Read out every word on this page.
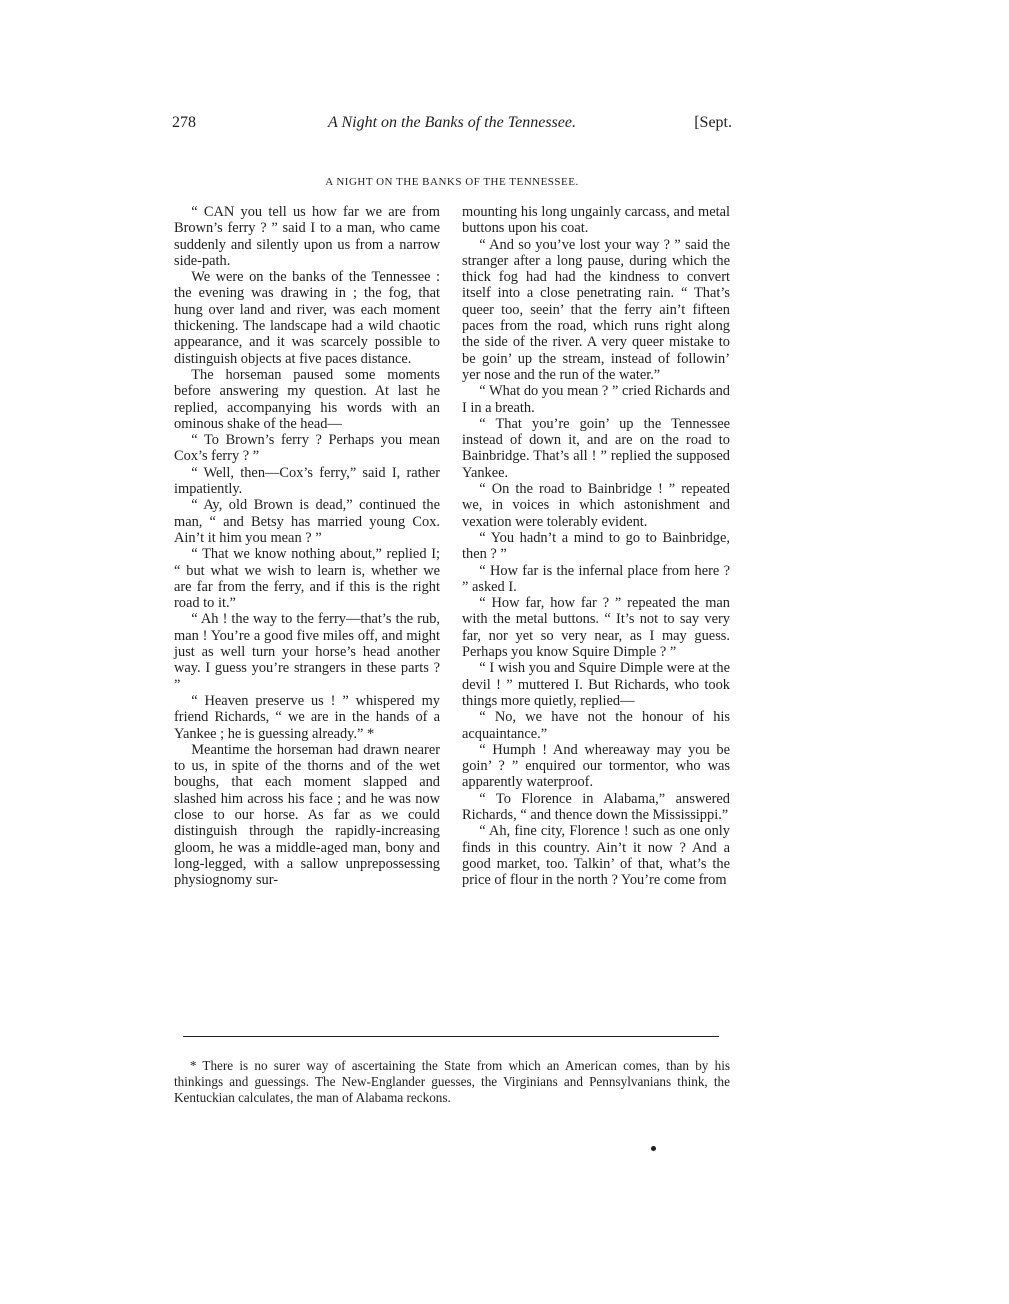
278	A Night on the Banks of the Tennessee.	[Sept.
A NIGHT ON THE BANKS OF THE TENNESSEE.

“ CAN you tell us how far we are from Brown’s ferry ? ” said I to a man, who came suddenly and silently upon us from a narrow side-path.

We were on the banks of the Tennessee : the evening was drawing in ; the fog, that hung over land and river, was each moment thickening. The landscape had a wild chaotic appearance, and it was scarcely possible to distinguish objects at five paces distance.

The horseman paused some moments before answering my question. At last he replied, accompanying his words with an ominous shake of the head—

“ To Brown’s ferry ? Perhaps you mean Cox’s ferry ? ”

“ Well, then—Cox’s ferry,” said I, rather impatiently.

“ Ay, old Brown is dead,” continued the man, “ and Betsy has married young Cox. Ain’t it him you mean ? ”

“ That we know nothing about,” replied I; “ but what we wish to learn is, whether we are far from the ferry, and if this is the right road to it.”

“ Ah ! the way to the ferry—that’s the rub, man ! You’re a good five miles off, and might just as well turn your horse’s head another way. I guess you’re strangers in these parts ? ”

“ Heaven preserve us ! ” whispered my friend Richards, “ we are in the hands of a Yankee ; he is guessing already.” *

Meantime the horseman had drawn nearer to us, in spite of the thorns and of the wet boughs, that each moment slapped and slashed him across his face ; and he was now close to our horse. As far as we could distinguish through the rapidly-increasing gloom, he was a middle-aged man, bony and long-legged, with a sallow unprepossessing physiognomy sur-

mounting his long ungainly carcass, and metal buttons upon his coat.

“ And so you’ve lost your way ? ” said the stranger after a long pause, during which the thick fog had had the kindness to convert itself into a close penetrating rain. “ That’s queer too, seein’ that the ferry ain’t fifteen paces from the road, which runs right along the side of the river. A very queer mistake to be goin’ up the stream, instead of followin’ yer nose and the run of the water.”

“ What do you mean ? ” cried Richards and I in a breath.

“ That you’re goin’ up the Tennessee instead of down it, and are on the road to Bainbridge. That’s all ! ” replied the supposed Yankee.

“ On the road to Bainbridge ! ” repeated we, in voices in which astonishment and vexation were tolerably evident.

“ You hadn’t a mind to go to Bainbridge, then ? ”

“ How far is the infernal place from here ? ” asked I.

“ How far, how far ? ” repeated the man with the metal buttons. “ It’s not to say very far, nor yet so very near, as I may guess. Perhaps you know Squire Dimple ? ”

“ I wish you and Squire Dimple were at the devil ! ” muttered I. But Richards, who took things more quietly, replied—

“ No, we have not the honour of his acquaintance.”

“ Humph ! And whereaway may you be goin’ ? ” enquired our tormentor, who was apparently waterproof.

“ To Florence in Alabama,” answered Richards, “ and thence down the Mississippi.”

“ Ah, fine city, Florence ! such as one only finds in this country. Ain’t it now ? And a good market, too. Talkin’ of that, what’s the price of flour in the north ? You’re come from

* There is no surer way of ascertaining the State from which an American comes, than by his thinkings and guessings. The New-Englander guesses, the Virginians and Pennsylvanians think, the Kentuckian calculates, the man of Alabama reckons.
